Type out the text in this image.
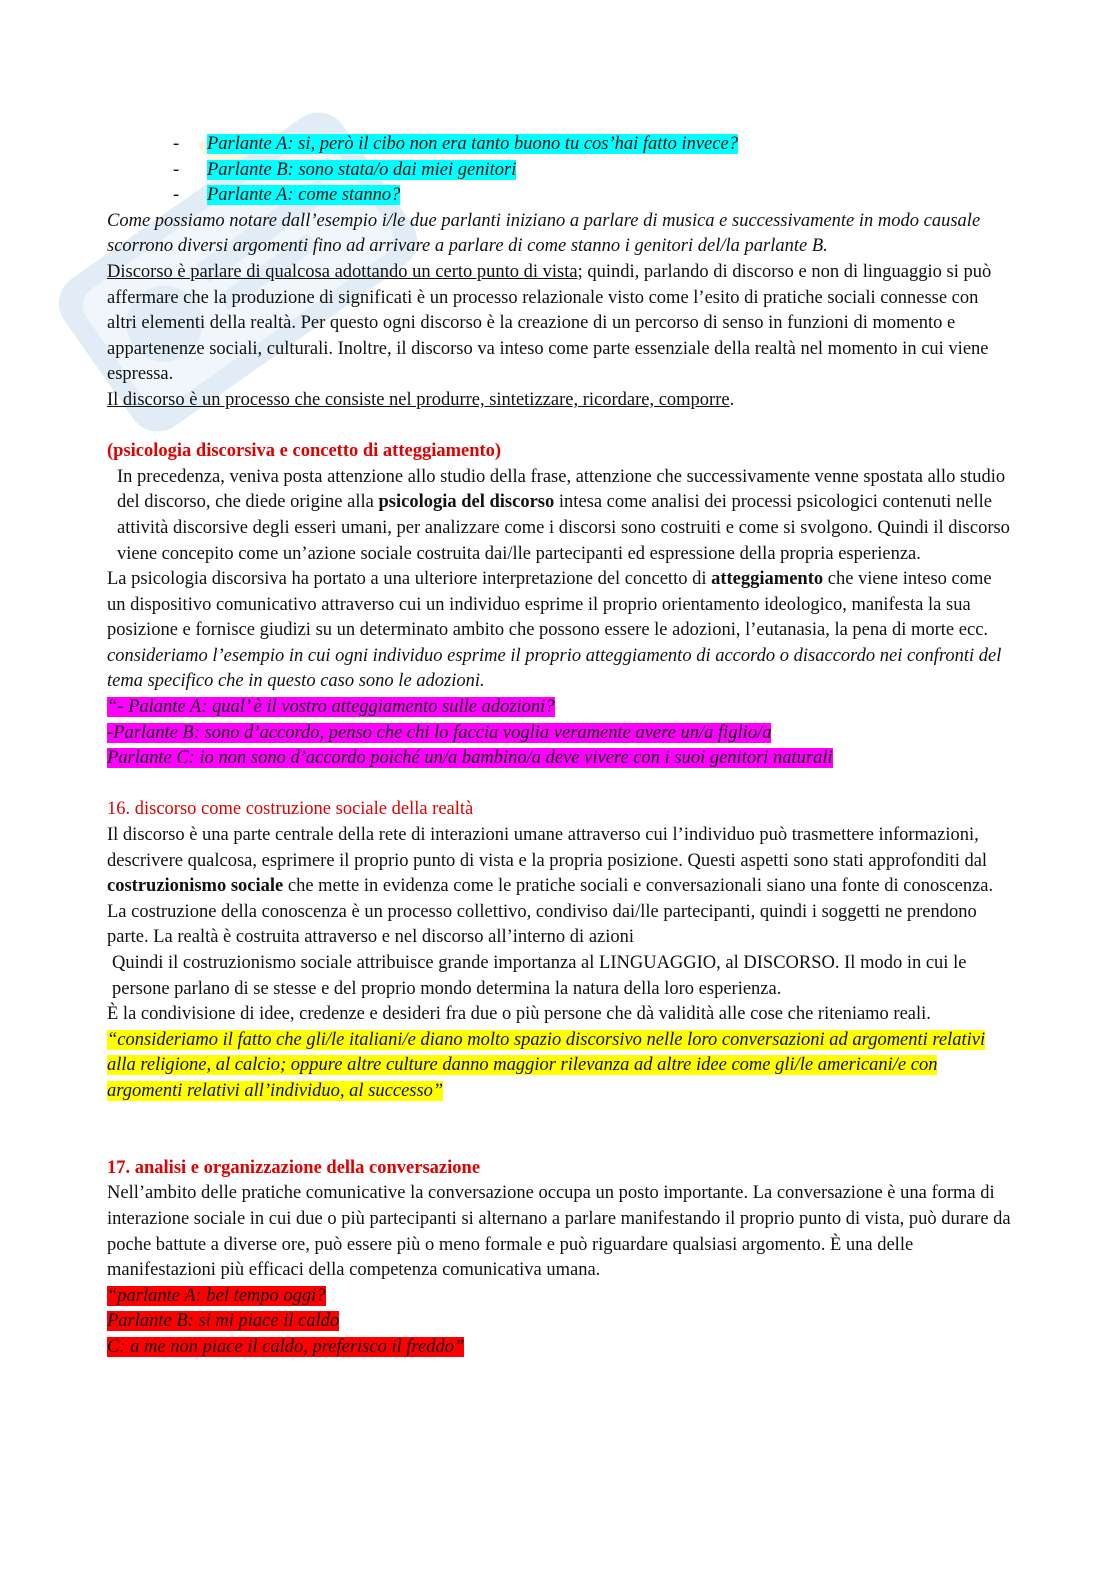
- Parlante A: si, però il cibo non era tanto buono tu cos’hai fatto invece?

- Parlante B: sono stata/o dai miei genitori

- Parlante A: come stanno?

Come possiamo notare dall’esempio i/le due parlanti iniziano a parlare di musica e successivamente in modo causale scorrono diversi argomenti fino ad arrivare a parlare di come stanno i genitori del/la parlante B.

Discorso è parlare di qualcosa adottando un certo punto di vista; quindi, parlando di discorso e non di linguaggio si può affermare che la produzione di significati è un processo relazionale visto come l’esito di pratiche sociali connesse con altri elementi della realtà. Per questo ogni discorso è la creazione di un percorso di senso in funzioni di momento e appartenenze sociali, culturali. Inoltre, il discorso va inteso come parte essenziale della realtà nel momento in cui viene espressa.

Il discorso è un processo che consiste nel produrre, sintetizzare, ricordare, comporre.

(psicologia discorsiva e concetto di atteggiamento)

In precedenza, veniva posta attenzione allo studio della frase, attenzione che successivamente venne spostata allo studio del discorso, che diede origine alla psicologia del discorso intesa come analisi dei processi psicologici contenuti nelle attività discorsive degli esseri umani, per analizzare come i discorsi sono costruiti e come si svolgono. Quindi il discorso viene concepito come un’azione sociale costruita dai/lle partecipanti ed espressione della propria esperienza.

La psicologia discorsiva ha portato a una ulteriore interpretazione del concetto di atteggiamento che viene inteso come un dispositivo comunicativo attraverso cui un individuo esprime il proprio orientamento ideologico, manifesta la sua posizione e fornisce giudizi su un determinato ambito che possono essere le adozioni, l’eutanasia, la pena di morte ecc. consideriamo l’esempio in cui ogni individuo esprime il proprio atteggiamento di accordo o disaccordo nei confronti del tema specifico che in questo caso sono le adozioni.

“- Palante A: qual’ è il vostro atteggiamento sulle adozioni?

-Parlante B: sono d’accordo, penso che chi lo faccia voglia veramente avere un/a figlio/a

Parlante C: io non sono d’accordo poiché un/a bambino/a deve vivere con i suoi genitori naturali

16. discorso come costruzione sociale della realtà

Il discorso è una parte centrale della rete di interazioni umane attraverso cui l’individuo può trasmettere informazioni, descrivere qualcosa, esprimere il proprio punto di vista e la propria posizione. Questi aspetti sono stati approfonditi dal costruzionismo sociale che mette in evidenza come le pratiche sociali e conversazionali siano una fonte di conoscenza. La costruzione della conoscenza è un processo collettivo, condiviso dai/lle partecipanti, quindi i soggetti ne prendono parte. La realtà è costruita attraverso e nel discorso all’interno di azioni

Quindi il costruzionismo sociale attribuisce grande importanza al LINGUAGGIO, al DISCORSO. Il modo in cui le persone parlano di se stesse e del proprio mondo determina la natura della loro esperienza.

È la condivisione di idee, credenze e desideri fra due o più persone che dà validità alle cose che riteniamo reali. “consideriamo il fatto che gli/le italiani/e diano molto spazio discorsivo nelle loro conversazioni ad argomenti relativi alla religione, al calcio; oppure altre culture danno maggior rilevanza ad altre idee come gli/le americani/e con argomenti relativi all’individuo, al successo”

17. analisi e organizzazione della conversazione

Nell’ambito delle pratiche comunicative la conversazione occupa un posto importante. La conversazione è una forma di interazione sociale in cui due o più partecipanti si alternano a parlare manifestando il proprio punto di vista, può durare da poche battute a diverse ore, può essere più o meno formale e può riguardare qualsiasi argomento. È una delle manifestazioni più efficaci della competenza comunicativa umana.

“parlante A: bel tempo oggi?

Parlante B: si mi piace il caldo

C: a me non piace il caldo, preferisco il freddo”
